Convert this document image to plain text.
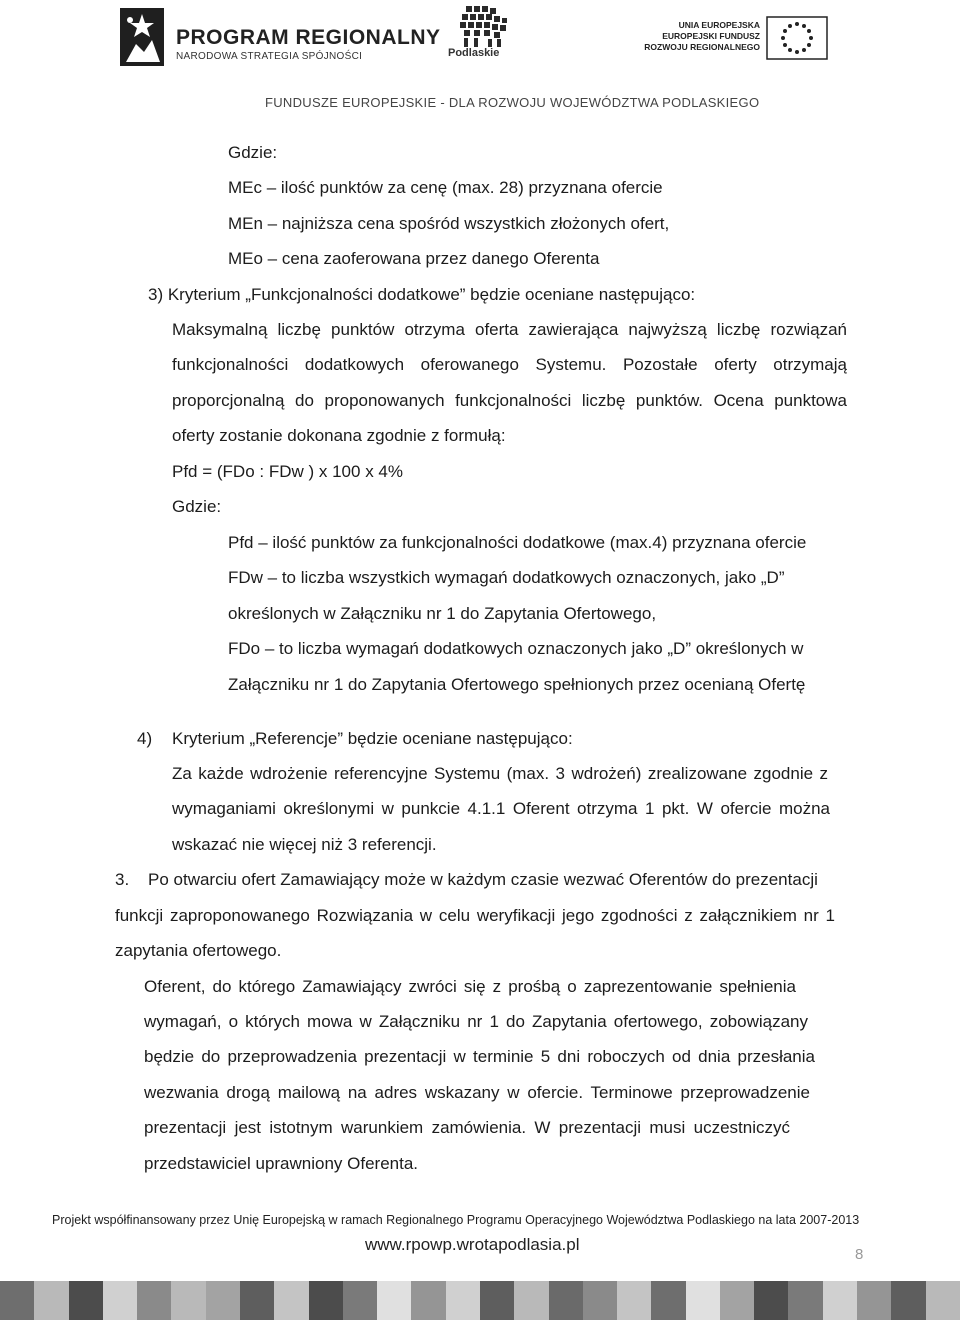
PROGRAM REGIONALNY
NARODOWA STRATEGIA SPÓJNOŚCI	Podlaskie
UNIA EUROPEJSKA
EUROPEJSKI FUNDUSZ
ROZWOJU REGIONALNEGO
FUNDUSZE EUROPEJSKIE - DLA ROZWOJU WOJEWÓDZTWA PODLASKIEGO
Gdzie:
MEc – ilość punktów za cenę (max. 28) przyznana ofercie
MEn – najniższa cena spośród wszystkich złożonych ofert,
MEo – cena zaoferowana przez danego Oferenta
3) Kryterium „Funkcjonalności dodatkowe” będzie oceniane następująco:
Maksymalną liczbę punktów otrzyma oferta zawierająca najwyższą liczbę rozwiązań
funkcjonalności dodatkowych oferowanego Systemu. Pozostałe oferty otrzymają
proporcjonalną do proponowanych funkcjonalności liczbę punktów. Ocena punktowa
oferty zostanie dokonana zgodnie z formułą:
Pfd = (FDo : FDw ) x 100 x 4%
Gdzie:
Pfd – ilość punktów za funkcjonalności dodatkowe (max.4) przyznana ofercie
FDw – to liczba wszystkich wymagań dodatkowych oznaczonych, jako „D”
określonych w Załączniku nr 1 do Zapytania Ofertowego,
FDo – to liczba wymagań dodatkowych oznaczonych jako „D” określonych w
Załączniku nr 1 do Zapytania Ofertowego spełnionych przez ocenianą Ofertę
4) Kryterium „Referencje” będzie oceniane następująco:
Za każde wdrożenie referencyjne Systemu (max. 3 wdrożeń) zrealizowane zgodnie z
wymaganiami określonymi w punkcie 4.1.1 Oferent otrzyma 1 pkt. W ofercie można
wskazać nie więcej niż 3 referencji.
3. Po otwarciu ofert Zamawiający może w każdym czasie wezwać Oferentów do prezentacji
funkcji zaproponowanego Rozwiązania w celu weryfikacji jego zgodności z załącznikiem nr 1
zapytania ofertowego.
Oferent, do którego Zamawiający zwróci się z prośbą o zaprezentowanie spełnienia
wymagań, o których mowa w Załączniku nr 1 do Zapytania ofertowego, zobowiązany
będzie do przeprowadzenia prezentacji w terminie 5 dni roboczych od dnia przesłania
wezwania drogą mailową na adres wskazany w ofercie. Terminowe przeprowadzenie
prezentacji jest istotnym warunkiem zamówienia. W prezentacji musi uczestniczyć
przedstawiciel uprawniony Oferenta.
Projekt współfinansowany przez Unię Europejską w ramach Regionalnego Programu Operacyjnego Województwa Podlaskiego na lata 2007-2013
www.rpowp.wrotapodlasia.pl
8
